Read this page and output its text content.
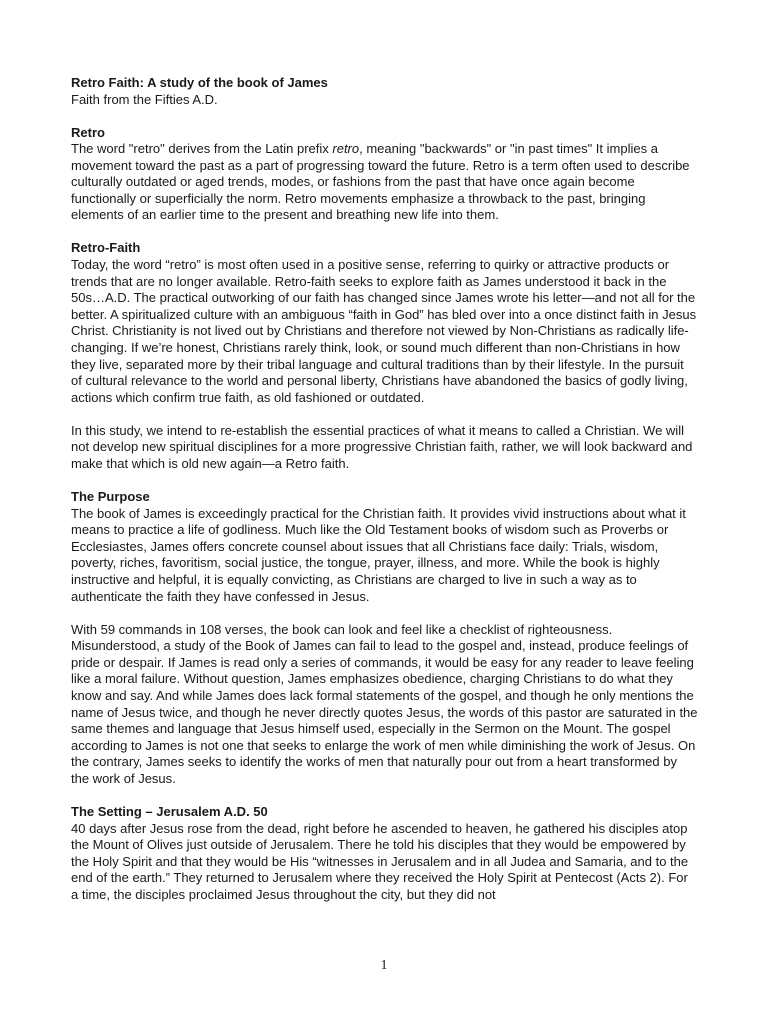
Retro Faith: A study of the book of James

Faith from the Fifties A.D.

Retro

The word "retro" derives from the Latin prefix retro, meaning "backwards" or "in past times" It implies a movement toward the past as a part of progressing toward the future. Retro is a term often used to describe culturally outdated or aged trends, modes, or fashions from the past that have once again become functionally or superficially the norm. Retro movements emphasize a throwback to the past, bringing elements of an earlier time to the present and breathing new life into them.

Retro-Faith

Today, the word “retro” is most often used in a positive sense, referring to quirky or attractive products or trends that are no longer available. Retro-faith seeks to explore faith as James understood it back in the 50s…A.D. The practical outworking of our faith has changed since James wrote his letter—and not all for the better. A spiritualized culture with an ambiguous “faith in God” has bled over into a once distinct faith in Jesus Christ. Christianity is not lived out by Christians and therefore not viewed by Non-Christians as radically life-changing. If we’re honest, Christians rarely think, look, or sound much different than non-Christians in how they live, separated more by their tribal language and cultural traditions than by their lifestyle. In the pursuit of cultural relevance to the world and personal liberty, Christians have abandoned the basics of godly living, actions which confirm true faith, as old fashioned or outdated.

In this study, we intend to re-establish the essential practices of what it means to called a Christian. We will not develop new spiritual disciplines for a more progressive Christian faith, rather, we will look backward and make that which is old new again—a Retro faith.

The Purpose

The book of James is exceedingly practical for the Christian faith. It provides vivid instructions about what it means to practice a life of godliness. Much like the Old Testament books of wisdom such as Proverbs or Ecclesiastes, James offers concrete counsel about issues that all Christians face daily: Trials, wisdom, poverty, riches, favoritism, social justice, the tongue, prayer, illness, and more. While the book is highly instructive and helpful, it is equally convicting, as Christians are charged to live in such a way as to authenticate the faith they have confessed in Jesus.

With 59 commands in 108 verses, the book can look and feel like a checklist of righteousness. Misunderstood, a study of the Book of James can fail to lead to the gospel and, instead, produce feelings of pride or despair. If James is read only a series of commands, it would be easy for any reader to leave feeling like a moral failure. Without question, James emphasizes obedience, charging Christians to do what they know and say. And while James does lack formal statements of the gospel, and though he only mentions the name of Jesus twice, and though he never directly quotes Jesus, the words of this pastor are saturated in the same themes and language that Jesus himself used, especially in the Sermon on the Mount. The gospel according to James is not one that seeks to enlarge the work of men while diminishing the work of Jesus. On the contrary, James seeks to identify the works of men that naturally pour out from a heart transformed by the work of Jesus.

The Setting – Jerusalem A.D. 50

40 days after Jesus rose from the dead, right before he ascended to heaven, he gathered his disciples atop the Mount of Olives just outside of Jerusalem. There he told his disciples that they would be empowered by the Holy Spirit and that they would be His “witnesses in Jerusalem and in all Judea and Samaria, and to the end of the earth.” They returned to Jerusalem where they received the Holy Spirit at Pentecost (Acts 2). For a time, the disciples proclaimed Jesus throughout the city, but they did not

1
